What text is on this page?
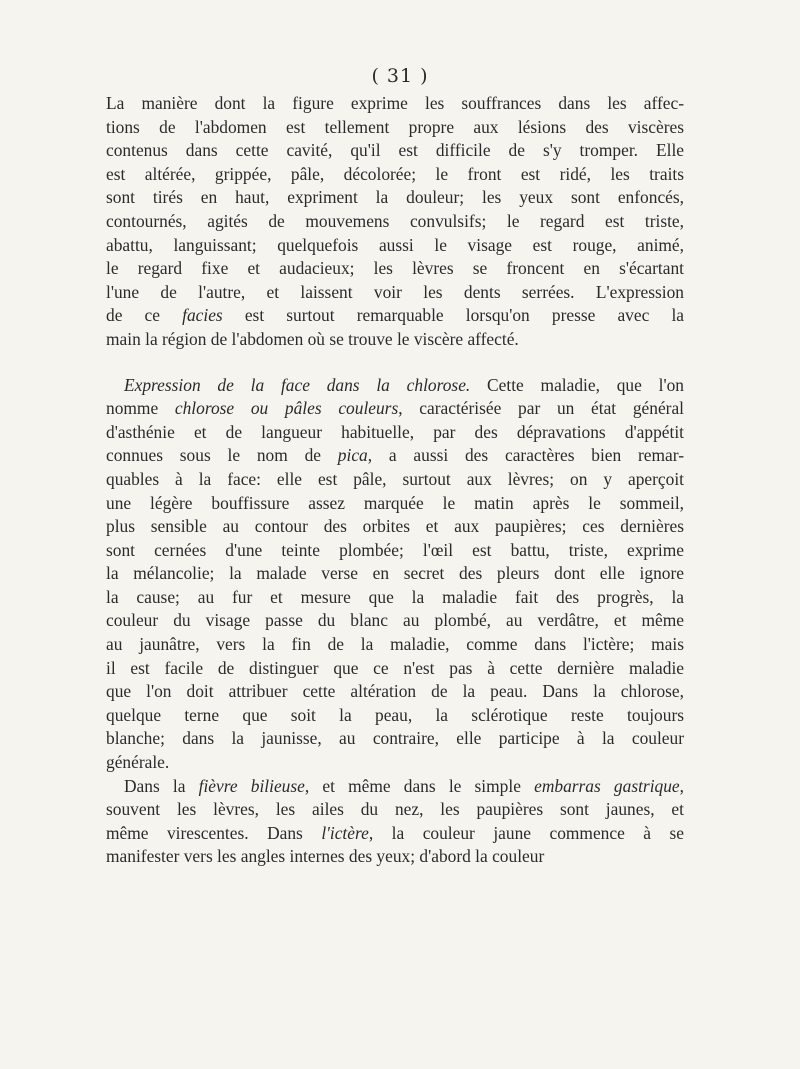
( 31 )
La manière dont la figure exprime les souffrances dans les affec-
tions de l'abdomen est tellement propre aux lésions des viscères
contenus dans cette cavité, qu'il est difficile de s'y tromper. Elle
est altérée, grippée, pâle, décolorée; le front est ridé, les traits
sont tirés en haut, expriment la douleur; les yeux sont enfoncés,
contournés, agités de mouvemens convulsifs; le regard est triste,
abattu, languissant; quelquefois aussi le visage est rouge, animé,
le regard fixe et audacieux; les lèvres se froncent en s'écartant
l'une de l'autre, et laissent voir les dents serrées. L'expression
de ce facies est surtout remarquable lorsqu'on presse avec la
main la région de l'abdomen où se trouve le viscère affecté.
Expression de la face dans la chlorose. Cette maladie, que l'on
nomme chlorose ou pâles couleurs, caractérisée par un état général
d'asthénie et de langueur habituelle, par des dépravations d'appétit
connues sous le nom de pica, a aussi des caractères bien remar-
quables à la face: elle est pâle, surtout aux lèvres; on y aperçoit
une légère bouffissure assez marquée le matin après le sommeil,
plus sensible au contour des orbites et aux paupières; ces dernières
sont cernées d'une teinte plombée; l'œil est battu, triste, exprime
la mélancolie; la malade verse en secret des pleurs dont elle ignore
la cause; au fur et mesure que la maladie fait des progrès, la
couleur du visage passe du blanc au plombé, au verdâtre, et même
au jaunâtre, vers la fin de la maladie, comme dans l'ictère; mais
il est facile de distinguer que ce n'est pas à cette dernière maladie
que l'on doit attribuer cette altération de la peau. Dans la chlorose,
quelque terne que soit la peau, la sclérotique reste toujours
blanche; dans la jaunisse, au contraire, elle participe à la couleur
générale.
Dans la fièvre bilieuse, et même dans le simple embarras gastrique,
souvent les lèvres, les ailes du nez, les paupières sont jaunes, et
même virescentes. Dans l'ictère, la couleur jaune commence à se
manifester vers les angles internes des yeux; d'abord la couleur
